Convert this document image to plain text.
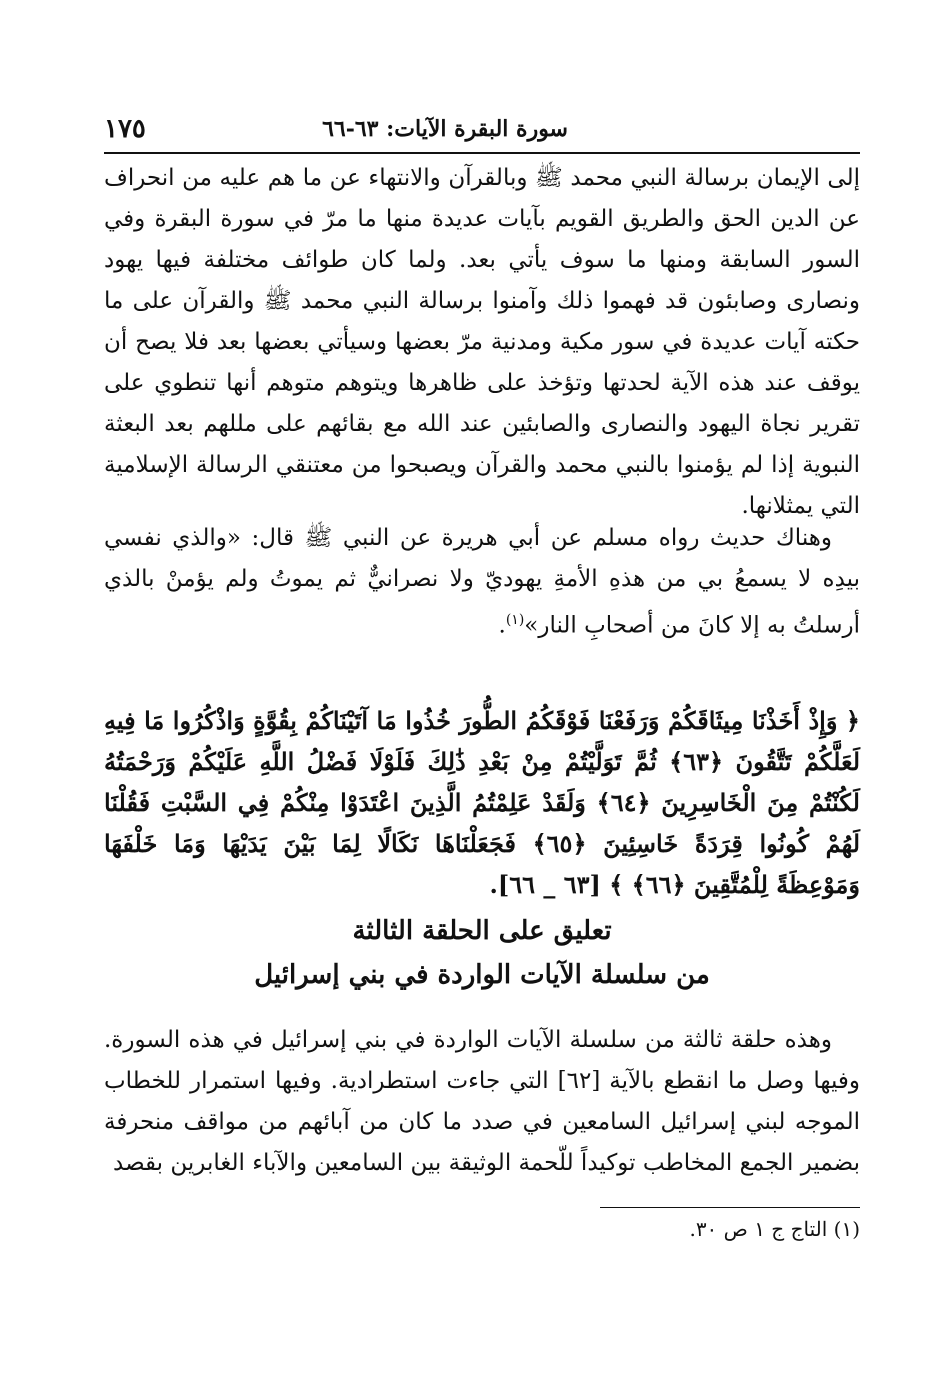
سورة البقرة الآيات: ٦٣-٦٦
١٧٥
إلى الإيمان برسالة النبي محمد ﷺ وبالقرآن والانتهاء عن ما هم عليه من انحراف عن الدين الحق والطريق القويم بآيات عديدة منها ما مرّ في سورة البقرة وفي السور السابقة ومنها ما سوف يأتي بعد. ولما كان طوائف مختلفة فيها يهود ونصارى وصابئون قد فهموا ذلك وآمنوا برسالة النبي محمد ﷺ والقرآن على ما حكته آيات عديدة في سور مكية ومدنية مرّ بعضها وسيأتي بعضها بعد فلا يصح أن يوقف عند هذه الآية لحدتها وتؤخذ على ظاهرها ويتوهم متوهم أنها تنطوي على تقرير نجاة اليهود والنصارى والصابئين عند الله مع بقائهم على مللهم بعد البعثة النبوية إذا لم يؤمنوا بالنبي محمد والقرآن ويصبحوا من معتنقي الرسالة الإسلامية التي يمثلانها.

وهناك حديث رواه مسلم عن أبي هريرة عن النبي ﷺ قال: «والذي نفسي بيدِه لا يسمعُ بي من هذهِ الأمةِ يهوديّ ولا نصرانيٌّ ثم يموتُ ولم يؤمنْ بالذي أرسلتُ به إلا كانَ من أصحابِ النار»$^{(١)}$.

﴿ وَإِذْ أَخَذْنَا مِيثَاقَكُمْ وَرَفَعْنَا فَوْقَكُمُ الطُّورَ خُذُوا مَا آتَيْنَاكُمْ بِقُوَّةٍ وَاذْكُرُوا مَا فِيهِ لَعَلَّكُمْ تَتَّقُونَ ﴿٦٣﴾ ثُمَّ تَوَلَّيْتُمْ مِنْ بَعْدِ ذَٰلِكَ فَلَوْلَا فَضْلُ اللَّهِ عَلَيْكُمْ وَرَحْمَتُهُ لَكُنْتُمْ مِنَ الْخَاسِرِينَ ﴿٦٤﴾ وَلَقَدْ عَلِمْتُمُ الَّذِينَ اعْتَدَوْا مِنْكُمْ فِي السَّبْتِ فَقُلْنَا لَهُمْ كُونُوا قِرَدَةً خَاسِئِينَ ﴿٦٥﴾ فَجَعَلْنَاهَا نَكَالًا لِمَا بَيْنَ يَدَيْهَا وَمَا خَلْفَهَا وَمَوْعِظَةً لِلْمُتَّقِينَ ﴿٦٦﴾ ﴾ [٦٣ _ ٦٦].
تعليق على الحلقة الثالثة
من سلسلة الآيات الواردة في بني إسرائيل

وهذه حلقة ثالثة من سلسلة الآيات الواردة في بني إسرائيل في هذه السورة. وفيها وصل ما انقطع بالآية [٦٢] التي جاءت استطرادية. وفيها استمرار للخطاب الموجه لبني إسرائيل السامعين في صدد ما كان من آبائهم من مواقف منحرفة بضمير الجمع المخاطب توكيداً للّحمة الوثيقة بين السامعين والآباء الغابرين بقصد

(١) التاج ج ١ ص ٣٠.
